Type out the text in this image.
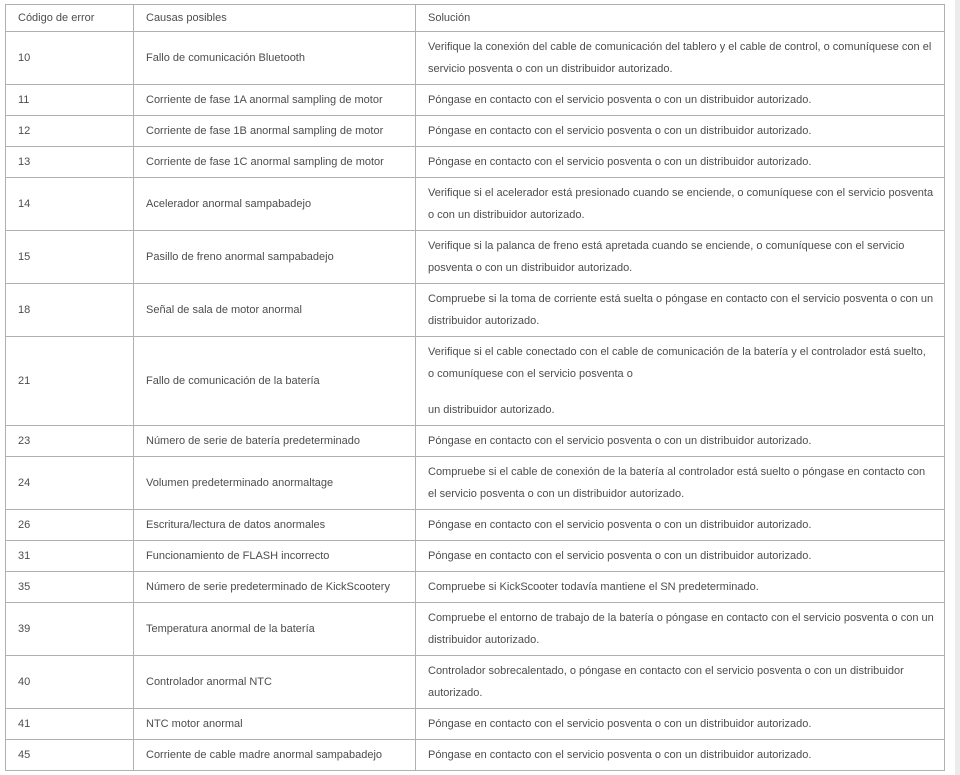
Código de error	Causas posibles	Solución
10	Fallo de comunicación Bluetooth	Verifique la conexión del cable de comunicación del tablero y el cable de control, o comuníquese con el servicio posventa o con un distribuidor autorizado.

11	Corriente de fase 1A anormal sampling de motor	Póngase en contacto con el servicio posventa o con un distribuidor autorizado.

12	Corriente de fase 1B anormal sampling de motor	Póngase en contacto con el servicio posventa o con un distribuidor autorizado.

13	Corriente de fase 1C anormal sampling de motor	Póngase en contacto con el servicio posventa o con un distribuidor autorizado.

14	Acelerador anormal sampabadejo	Verifique si el acelerador está presionado cuando se enciende, o comuníquese con el servicio posventa o con un distribuidor autorizado.

15	Pasillo de freno anormal sampabadejo	Verifique si la palanca de freno está apretada cuando se enciende, o comuníquese con el servicio posventa o con un distribuidor autorizado.

18	Señal de sala de motor anormal	Compruebe si la toma de corriente está suelta o póngase en contacto con el servicio posventa o con un distribuidor autorizado.

21	Fallo de comunicación de la batería	Verifique si el cable conectado con el cable de comunicación de la batería y el controlador está suelto, o comuníquese con el servicio posventa o

un distribuidor autorizado.

23	Número de serie de batería predeterminado	Póngase en contacto con el servicio posventa o con un distribuidor autorizado.

24	Volumen predeterminado anormaltage	Compruebe si el cable de conexión de la batería al controlador está suelto o póngase en contacto con el servicio posventa o con un distribuidor autorizado.

26	Escritura/lectura de datos anormales	Póngase en contacto con el servicio posventa o con un distribuidor autorizado.

31	Funcionamiento de FLASH incorrecto	Póngase en contacto con el servicio posventa o con un distribuidor autorizado.

35	Número de serie predeterminado de KickScootery	Compruebe si KickScooter todavía mantiene el SN predeterminado.

39	Temperatura anormal de la batería	Compruebe el entorno de trabajo de la batería o póngase en contacto con el servicio posventa o con un distribuidor autorizado.

40	Controlador anormal NTC	Controlador sobrecalentado, o póngase en contacto con el servicio posventa o con un distribuidor autorizado.

41	NTC motor anormal	Póngase en contacto con el servicio posventa o con un distribuidor autorizado.

45	Corriente de cable madre anormal sampabadejo	Póngase en contacto con el servicio posventa o con un distribuidor autorizado.
